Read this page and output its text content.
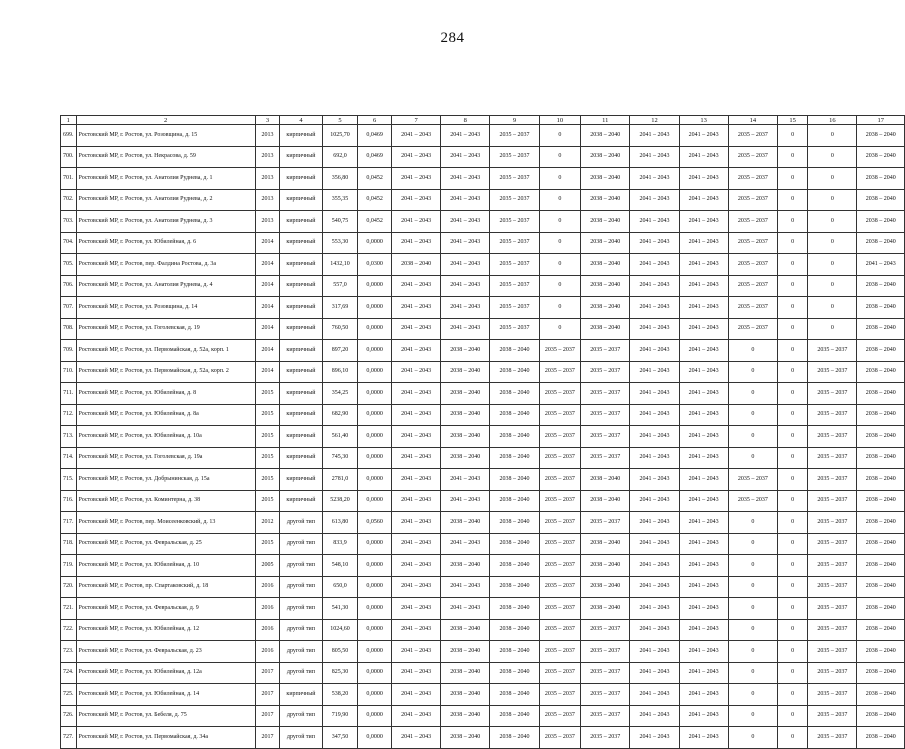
284
1	2	3	4	5	6	7	8	9	10	11	12	13	14	15	16	17
699.	Ростовский МР, г. Ростов, ул. Розовщина, д. 15	2013	кирпичный	1025,70	0,0469	2041 – 2043	2041 – 2043	2035 – 2037	0	2038 – 2040	2041 – 2043	2041 – 2043	2035 – 2037	0	0	2038 – 2040
700.	Ростовский МР, г. Ростов, ул. Некрасова, д. 59	2013	кирпичный	692,0	0,0469	2041 – 2043	2041 – 2043	2035 – 2037	0	2038 – 2040	2041 – 2043	2041 – 2043	2035 – 2037	0	0	2038 – 2040
701.	Ростовский МР, г. Ростов, ул. Анатолия Руднева, д. 1	2013	кирпичный	356,80	0,0452	2041 – 2043	2041 – 2043	2035 – 2037	0	2038 – 2040	2041 – 2043	2041 – 2043	2035 – 2037	0	0	2038 – 2040
702.	Ростовский МР, г. Ростов, ул. Анатолия Руднева, д. 2	2013	кирпичный	355,35	0,0452	2041 – 2043	2041 – 2043	2035 – 2037	0	2038 – 2040	2041 – 2043	2041 – 2043	2035 – 2037	0	0	2038 – 2040
703.	Ростовский МР, г. Ростов, ул. Анатолия Руднева, д. 3	2013	кирпичный	540,75	0,0452	2041 – 2043	2041 – 2043	2035 – 2037	0	2038 – 2040	2041 – 2043	2041 – 2043	2035 – 2037	0	0	2038 – 2040
704.	Ростовский МР, г. Ростов, ул. Юбилейная, д. 6	2014	кирпичный	553,30	0,0000	2041 – 2043	2041 – 2043	2035 – 2037	0	2038 – 2040	2041 – 2043	2041 – 2043	2035 – 2037	0	0	2038 – 2040
705.	Ростовский МР, г. Ростов, пер. Фалдина Ростова, д. 3а	2014	кирпичный	1432,10	0,0300	2038 – 2040	2041 – 2043	2035 – 2037	0	2038 – 2040	2041 – 2043	2041 – 2043	2035 – 2037	0	0	2041 – 2043
706.	Ростовский МР, г. Ростов, ул. Анатолия Руднева, д. 4	2014	кирпичный	557,0	0,0000	2041 – 2043	2041 – 2043	2035 – 2037	0	2038 – 2040	2041 – 2043	2041 – 2043	2035 – 2037	0	0	2038 – 2040
707.	Ростовский МР, г. Ростов, ул. Розовщина, д. 14	2014	кирпичный	317,69	0,0000	2041 – 2043	2041 – 2043	2035 – 2037	0	2038 – 2040	2041 – 2043	2041 – 2043	2035 – 2037	0	0	2038 – 2040
708.	Ростовский МР, г. Ростов, ул. Гоголевская, д. 19	2014	кирпичный	760,50	0,0000	2041 – 2043	2041 – 2043	2035 – 2037	0	2038 – 2040	2041 – 2043	2041 – 2043	2035 – 2037	0	0	2038 – 2040
709.	Ростовский МР, г. Ростов, ул. Первомайская, д. 52а, корп. 1	2014	кирпичный	897,20	0,0000	2041 – 2043	2038 – 2040	2038 – 2040	2035 – 2037	2035 – 2037	2041 – 2043	2041 – 2043	0	0	2035 – 2037	2038 – 2040
710.	Ростовский МР, г. Ростов, ул. Первомайская, д. 52а, корп. 2	2014	кирпичный	896,10	0,0000	2041 – 2043	2038 – 2040	2038 – 2040	2035 – 2037	2035 – 2037	2041 – 2043	2041 – 2043	0	0	2035 – 2037	2038 – 2040
711.	Ростовский МР, г. Ростов, ул. Юбилейная, д. 8	2015	кирпичный	354,25	0,0000	2041 – 2043	2038 – 2040	2038 – 2040	2035 – 2037	2035 – 2037	2041 – 2043	2041 – 2043	0	0	2035 – 2037	2038 – 2040
712.	Ростовский МР, г. Ростов, ул. Юбилейная, д. 8а	2015	кирпичный	682,90	0,0000	2041 – 2043	2038 – 2040	2038 – 2040	2035 – 2037	2035 – 2037	2041 – 2043	2041 – 2043	0	0	2035 – 2037	2038 – 2040
713.	Ростовский МР, г. Ростов, ул. Юбилейная, д. 10а	2015	кирпичный	561,40	0,0000	2041 – 2043	2038 – 2040	2038 – 2040	2035 – 2037	2035 – 2037	2041 – 2043	2041 – 2043	0	0	2035 – 2037	2038 – 2040
714.	Ростовский МР, г. Ростов, ул. Гоголевская, д. 19а	2015	кирпичный	745,30	0,0000	2041 – 2043	2038 – 2040	2038 – 2040	2035 – 2037	2035 – 2037	2041 – 2043	2041 – 2043	0	0	2035 – 2037	2038 – 2040
715.	Ростовский МР, г. Ростов, ул. Добрынинская, д. 15а	2015	кирпичный	2781,0	0,0000	2041 – 2043	2041 – 2043	2038 – 2040	2035 – 2037	2038 – 2040	2041 – 2043	2041 – 2043	2035 – 2037	0	2035 – 2037	2038 – 2040
716.	Ростовский МР, г. Ростов, ул. Коминтерна, д. 38	2015	кирпичный	5238,20	0,0000	2041 – 2043	2041 – 2043	2038 – 2040	2035 – 2037	2038 – 2040	2041 – 2043	2041 – 2043	2035 – 2037	0	2035 – 2037	2038 – 2040
717.	Ростовский МР, г. Ростов, пер. Моисеенковский, д. 13	2012	другой тип	613,80	0,0560	2041 – 2043	2038 – 2040	2038 – 2040	2035 – 2037	2035 – 2037	2041 – 2043	2041 – 2043	0	0	2035 – 2037	2038 – 2040
718.	Ростовский МР, г. Ростов, ул. Февральская, д. 25	2015	другой тип	833,9	0,0000	2041 – 2043	2041 – 2043	2038 – 2040	2035 – 2037	2038 – 2040	2041 – 2043	2041 – 2043	0	0	2035 – 2037	2038 – 2040
719.	Ростовский МР, г. Ростов, ул. Юбилейная, д. 10	2005	другой тип	548,10	0,0000	2041 – 2043	2038 – 2040	2038 – 2040	2035 – 2037	2038 – 2040	2041 – 2043	2041 – 2043	0	0	2035 – 2037	2038 – 2040
720.	Ростовский МР, г. Ростов, пр. Спартаковский, д. 18	2016	другой тип	650,0	0,0000	2041 – 2043	2041 – 2043	2038 – 2040	2035 – 2037	2038 – 2040	2041 – 2043	2041 – 2043	0	0	2035 – 2037	2038 – 2040
721.	Ростовский МР, г. Ростов, ул. Февральская, д. 9	2016	другой тип	541,30	0,0000	2041 – 2043	2041 – 2043	2038 – 2040	2035 – 2037	2038 – 2040	2041 – 2043	2041 – 2043	0	0	2035 – 2037	2038 – 2040
722.	Ростовский МР, г. Ростов, ул. Юбилейная, д. 12	2016	другой тип	1024,60	0,0000	2041 – 2043	2038 – 2040	2038 – 2040	2035 – 2037	2035 – 2037	2041 – 2043	2041 – 2043	0	0	2035 – 2037	2038 – 2040
723.	Ростовский МР, г. Ростов, ул. Февральская, д. 23	2016	другой тип	805,50	0,0000	2041 – 2043	2038 – 2040	2038 – 2040	2035 – 2037	2035 – 2037	2041 – 2043	2041 – 2043	0	0	2035 – 2037	2038 – 2040
724.	Ростовский МР, г. Ростов, ул. Юбилейная, д. 12а	2017	другой тип	825,30	0,0000	2041 – 2043	2038 – 2040	2038 – 2040	2035 – 2037	2035 – 2037	2041 – 2043	2041 – 2043	0	0	2035 – 2037	2038 – 2040
725.	Ростовский МР, г. Ростов, ул. Юбилейная, д. 14	2017	кирпичный	538,20	0,0000	2041 – 2043	2038 – 2040	2038 – 2040	2035 – 2037	2035 – 2037	2041 – 2043	2041 – 2043	0	0	2035 – 2037	2038 – 2040
726.	Ростовский МР, г. Ростов, ул. Бебеля, д. 75	2017	другой тип	719,90	0,0000	2041 – 2043	2038 – 2040	2038 – 2040	2035 – 2037	2035 – 2037	2041 – 2043	2041 – 2043	0	0	2035 – 2037	2038 – 2040
727.	Ростовский МР, г. Ростов, ул. Первомайская, д. 34а	2017	другой тип	347,50	0,0000	2041 – 2043	2038 – 2040	2038 – 2040	2035 – 2037	2035 – 2037	2041 – 2043	2041 – 2043	0	0	2035 – 2037	2038 – 2040
